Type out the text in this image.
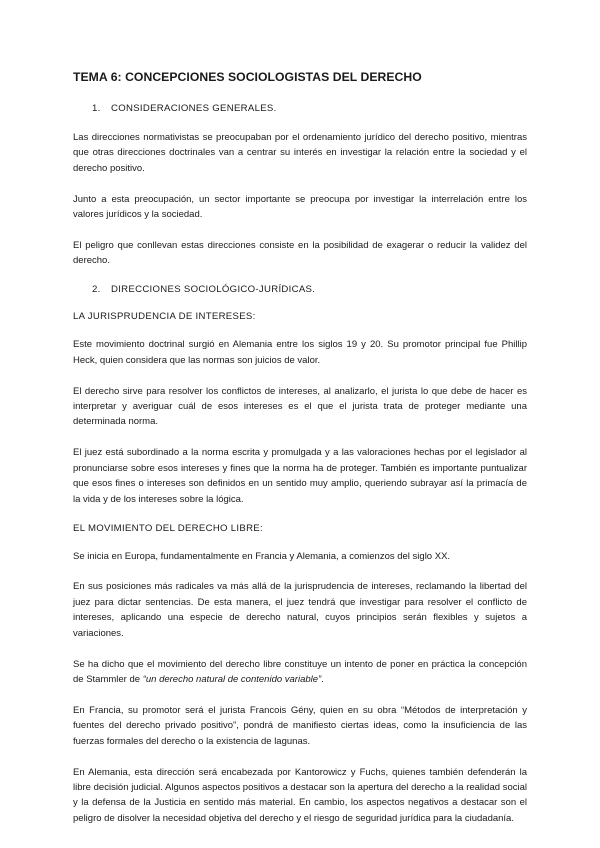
TEMA 6: CONCEPCIONES SOCIOLOGISTAS DEL DERECHO
1. CONSIDERACIONES GENERALES.

Las direcciones normativistas se preocupaban por el ordenamiento jurídico del derecho positivo, mientras que otras direcciones doctrinales van a centrar su interés en investigar la relación entre la sociedad y el derecho positivo.

Junto a esta preocupación, un sector importante se preocupa por investigar la interrelación entre los valores jurídicos y la sociedad.

El peligro que conllevan estas direcciones consiste en la posibilidad de exagerar o reducir la validez del derecho.

2. DIRECCIONES SOCIOLÓGICO-JURÍDICAS.
LA JURISPRUDENCIA DE INTERESES:

Este movimiento doctrinal surgió en Alemania entre los siglos 19 y 20. Su promotor principal fue Phillip Heck, quien considera que las normas son juicios de valor.

El derecho sirve para resolver los conflictos de intereses, al analizarlo, el jurista lo que debe de hacer es interpretar y averiguar cuál de esos intereses es el que el jurista trata de proteger mediante una determinada norma.

El juez está subordinado a la norma escrita y promulgada y a las valoraciones hechas por el legislador al pronunciarse sobre esos intereses y fines que la norma ha de proteger. También es importante puntualizar que esos fines o intereses son definidos en un sentido muy amplio, queriendo subrayar así la primacía de la vida y de los intereses sobre la lógica.

EL MOVIMIENTO DEL DERECHO LIBRE:

Se inicia en Europa, fundamentalmente en Francia y Alemania, a comienzos del siglo XX.

En sus posiciones más radicales va más allá de la jurisprudencia de intereses, reclamando la libertad del juez para dictar sentencias. De esta manera, el juez tendrá que investigar para resolver el conflicto de intereses, aplicando una especie de derecho natural, cuyos principios serán flexibles y sujetos a variaciones.

Se ha dicho que el movimiento del derecho libre constituye un intento de poner en práctica la concepción de Stammler de “un derecho natural de contenido variable”.

En Francia, su promotor será el jurista Francois Gény, quien en su obra “Métodos de interpretación y fuentes del derecho privado positivo”, pondrá de manifiesto ciertas ideas, como la insuficiencia de las fuerzas formales del derecho o la existencia de lagunas.

En Alemania, esta dirección será encabezada por Kantorowicz y Fuchs, quienes también defenderán la libre decisión judicial. Algunos aspectos positivos a destacar son la apertura del derecho a la realidad social y la defensa de la Justicia en sentido más material. En cambio, los aspectos negativos a destacar son el peligro de disolver la necesidad objetiva del derecho y el riesgo de seguridad jurídica para la ciudadanía.
